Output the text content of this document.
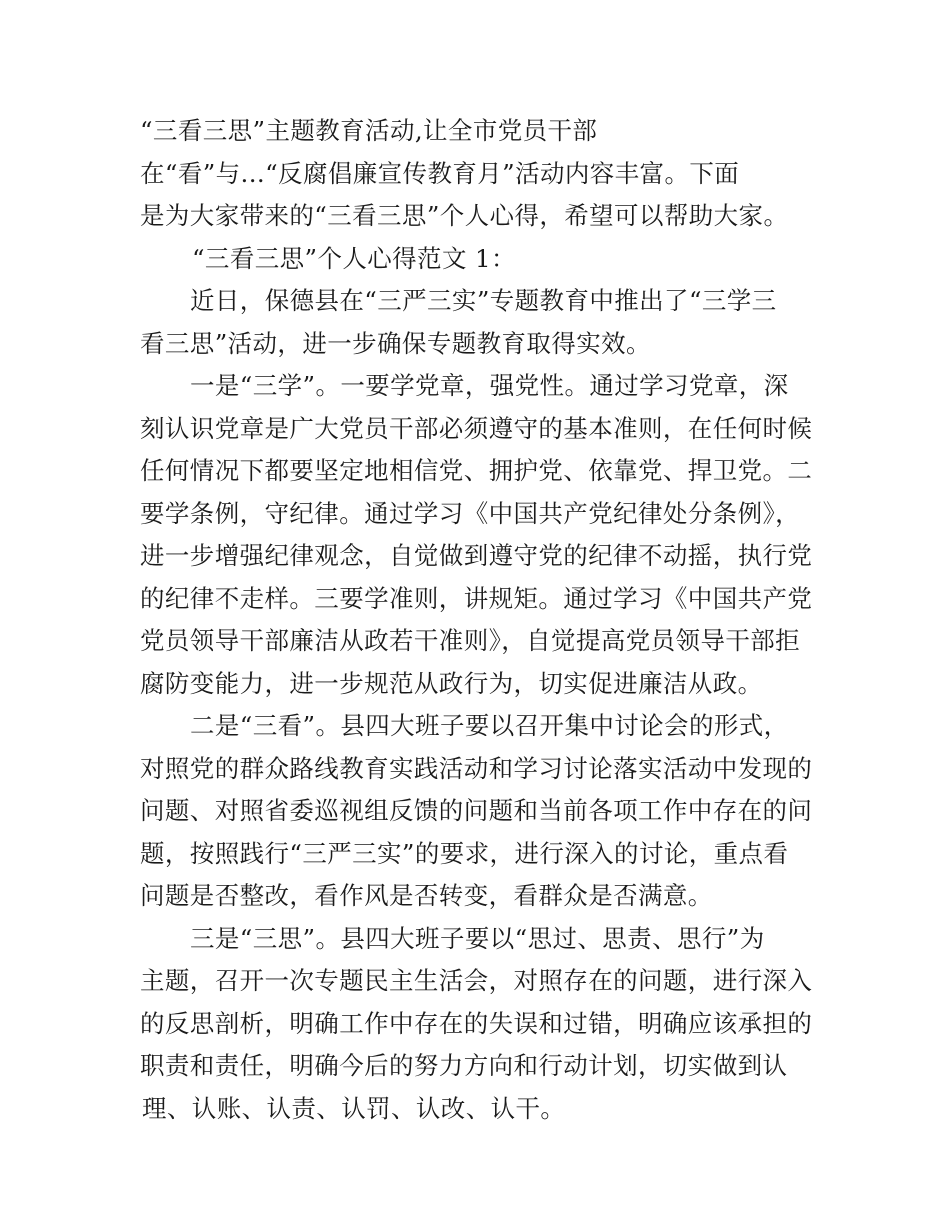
“三看三思”主题教育活动,让全市党员干部
在“看”与...“反腐倡廉宣传教育月”活动内容丰富。下面
是为大家带来的“三看三思”个人心得，希望可以帮助大家。
“三看三思”个人心得范文 1：
近日，保德县在“三严三实”专题教育中推出了“三学三
看三思”活动，进一步确保专题教育取得实效。
一是“三学”。一要学党章，强党性。通过学习党章，深
刻认识党章是广大党员干部必须遵守的基本准则，在任何时候
任何情况下都要坚定地相信党、拥护党、依靠党、捍卫党。二
要学条例，守纪律。通过学习《中国共产党纪律处分条例》，
进一步增强纪律观念，自觉做到遵守党的纪律不动摇，执行党
的纪律不走样。三要学准则，讲规矩。通过学习《中国共产党
党员领导干部廉洁从政若干准则》，自觉提高党员领导干部拒
腐防变能力，进一步规范从政行为，切实促进廉洁从政。
二是“三看”。县四大班子要以召开集中讨论会的形式，
对照党的群众路线教育实践活动和学习讨论落实活动中发现的
问题、对照省委巡视组反馈的问题和当前各项工作中存在的问
题，按照践行“三严三实”的要求，进行深入的讨论，重点看
问题是否整改，看作风是否转变，看群众是否满意。
三是“三思”。县四大班子要以“思过、思责、思行”为
主题，召开一次专题民主生活会，对照存在的问题，进行深入
的反思剖析，明确工作中存在的失误和过错，明确应该承担的
职责和责任，明确今后的努力方向和行动计划，切实做到认
理、认账、认责、认罚、认改、认干。
